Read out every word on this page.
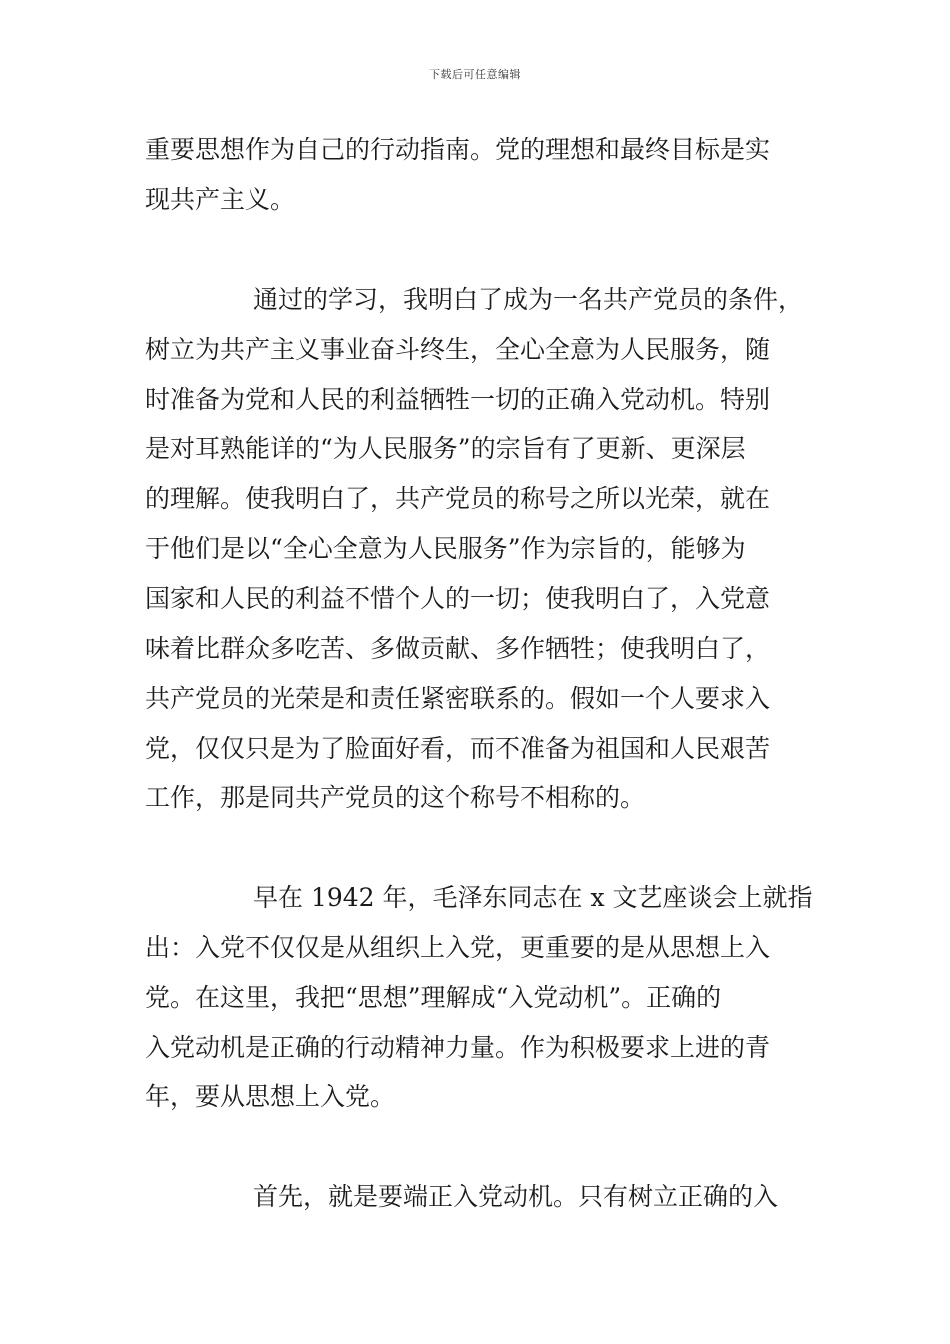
下载后可任意编辑
重要思想作为自己的行动指南。党的理想和最终目标是实
现共产主义。
通过的学习，我明白了成为一名共产党员的条件，
树立为共产主义事业奋斗终生，全心全意为人民服务，随
时准备为党和人民的利益牺牲一切的正确入党动机。特别
是对耳熟能详的“为人民服务”的宗旨有了更新、更深层
的理解。使我明白了，共产党员的称号之所以光荣，就在
于他们是以“全心全意为人民服务”作为宗旨的，能够为
国家和人民的利益不惜个人的一切；使我明白了，入党意
味着比群众多吃苦、多做贡献、多作牺牲；使我明白了，
共产党员的光荣是和责任紧密联系的。假如一个人要求入
党，仅仅只是为了脸面好看，而不准备为祖国和人民艰苦
工作，那是同共产党员的这个称号不相称的。
早在 1942 年，毛泽东同志在 x 文艺座谈会上就指
出：入党不仅仅是从组织上入党，更重要的是从思想上入
党。在这里，我把“思想”理解成“入党动机”。正确的
入党动机是正确的行动精神力量。作为积极要求上进的青
年，要从思想上入党。
首先，就是要端正入党动机。只有树立正确的入
